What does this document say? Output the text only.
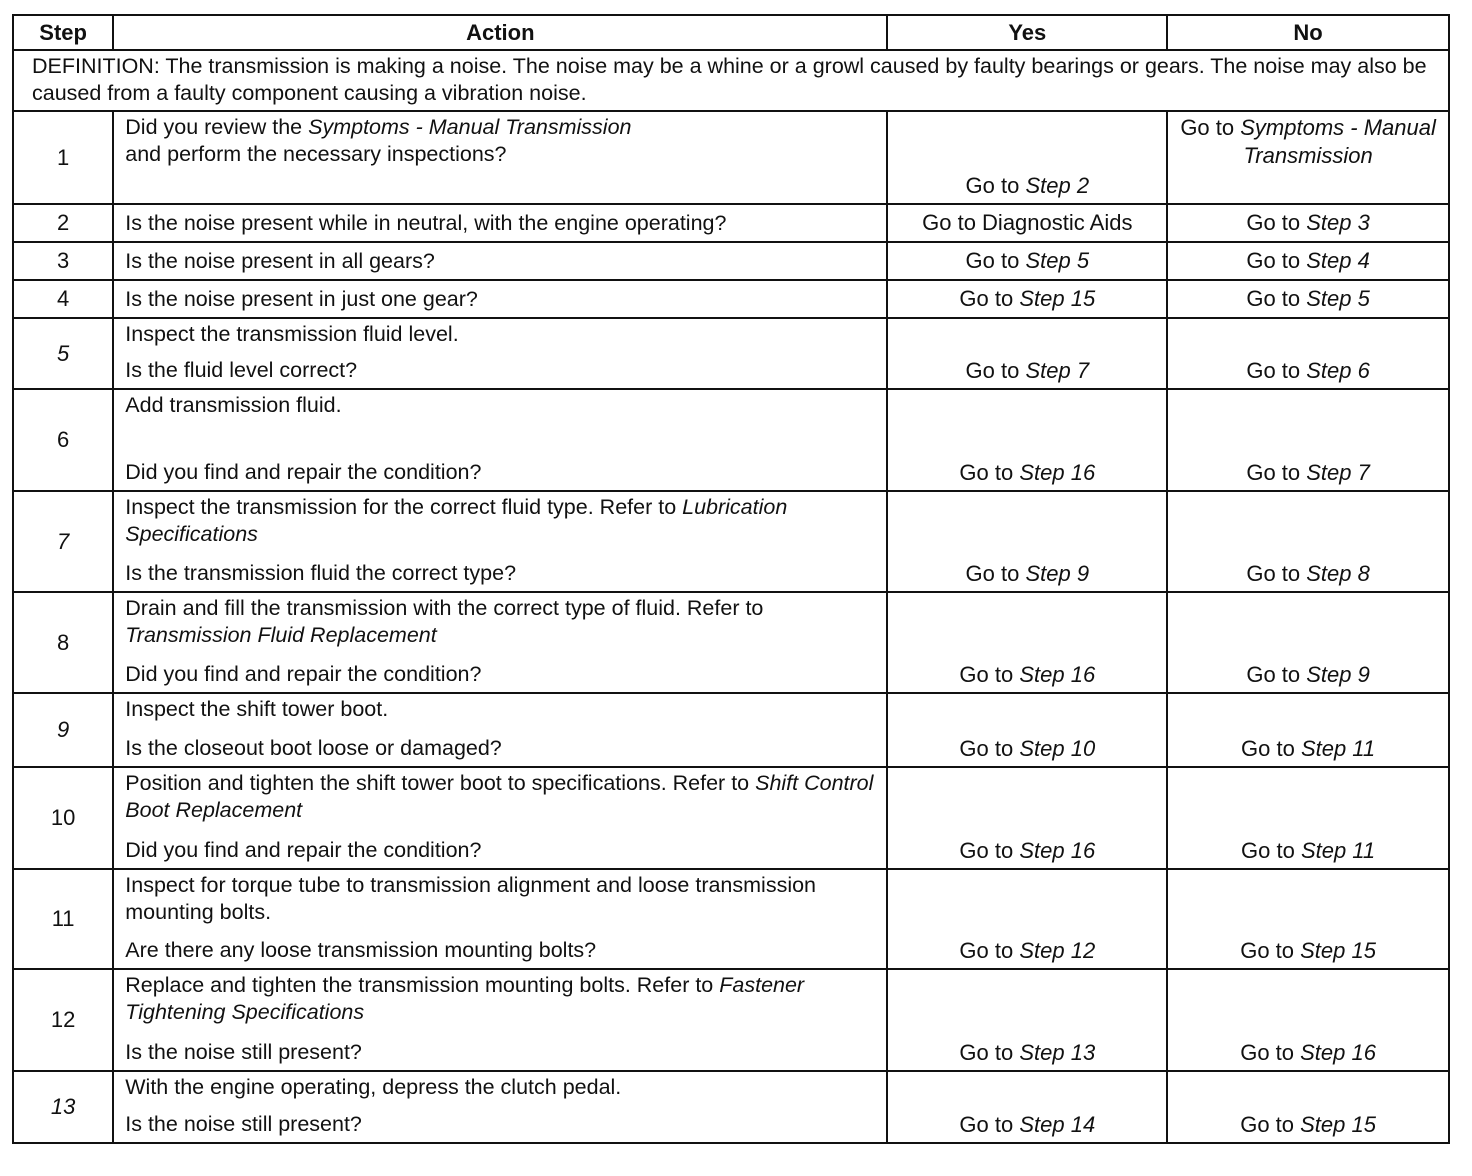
Step	Action	Yes	No
DEFINITION: The transmission is making a noise. The noise may be a whine or a growl caused by faulty bearings or gears. The noise may also be caused from a faulty component causing a vibration noise.			
1	Did you review the Symptoms - Manual Transmission
and perform the necessary inspections?	Go to Step 2	Go to Symptoms - Manual Transmission
2	Is the noise present while in neutral, with the engine operating?	Go to Diagnostic Aids	Go to Step 3
3	Is the noise present in all gears?	Go to Step 5	Go to Step 4
4	Is the noise present in just one gear?	Go to Step 15	Go to Step 5
5	Inspect the transmission fluid level.
Is the fluid level correct?	Go to Step 7	Go to Step 6
6	Add transmission fluid.
Did you find and repair the condition?	Go to Step 16	Go to Step 7
7	Inspect the transmission for the correct fluid type. Refer to Lubrication Specifications
Is the transmission fluid the correct type?	Go to Step 9	Go to Step 8
8	Drain and fill the transmission with the correct type of fluid. Refer to Transmission Fluid Replacement
Did you find and repair the condition?	Go to Step 16	Go to Step 9
9	Inspect the shift tower boot.
Is the closeout boot loose or damaged?	Go to Step 10	Go to Step 11
10	Position and tighten the shift tower boot to specifications. Refer to Shift Control Boot Replacement
Did you find and repair the condition?	Go to Step 16	Go to Step 11
11	Inspect for torque tube to transmission alignment and loose transmission mounting bolts.
Are there any loose transmission mounting bolts?	Go to Step 12	Go to Step 15
12	Replace and tighten the transmission mounting bolts. Refer to Fastener Tightening Specifications
Is the noise still present?	Go to Step 13	Go to Step 16
13	With the engine operating, depress the clutch pedal.
Is the noise still present?	Go to Step 14	Go to Step 15
